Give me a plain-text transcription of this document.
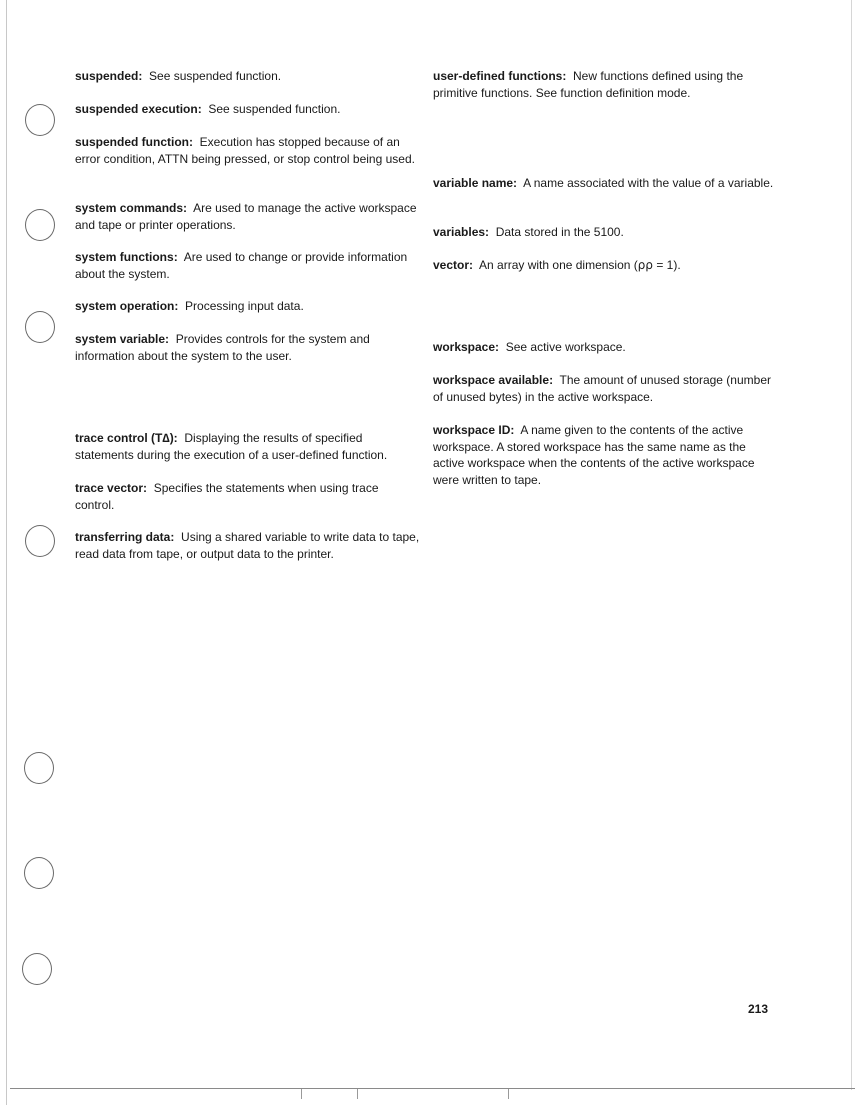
suspended: See suspended function.

suspended execution: See suspended function.

suspended function: Execution has stopped because of an error condition, ATTN being pressed, or stop control being used.

system commands: Are used to manage the active workspace and tape or printer operations.

system functions: Are used to change or provide information about the system.

system operation: Processing input data.

system variable: Provides controls for the system and information about the system to the user.

trace control (T∆): Displaying the results of specified statements during the execution of a user-defined function.

trace vector: Specifies the statements when using trace control.

transferring data: Using a shared variable to write data to tape, read data from tape, or output data to the printer.

user-defined functions: New functions defined using the primitive functions. See function definition mode.

variable name: A name associated with the value of a variable.

variables: Data stored in the 5100.

vector: An array with one dimension (⍴⍴ = 1).

workspace: See active workspace.

workspace available: The amount of unused storage (number of unused bytes) in the active workspace.

workspace ID: A name given to the contents of the active workspace. A stored workspace has the same name as the active workspace when the contents of the active workspace were written to tape.

213
